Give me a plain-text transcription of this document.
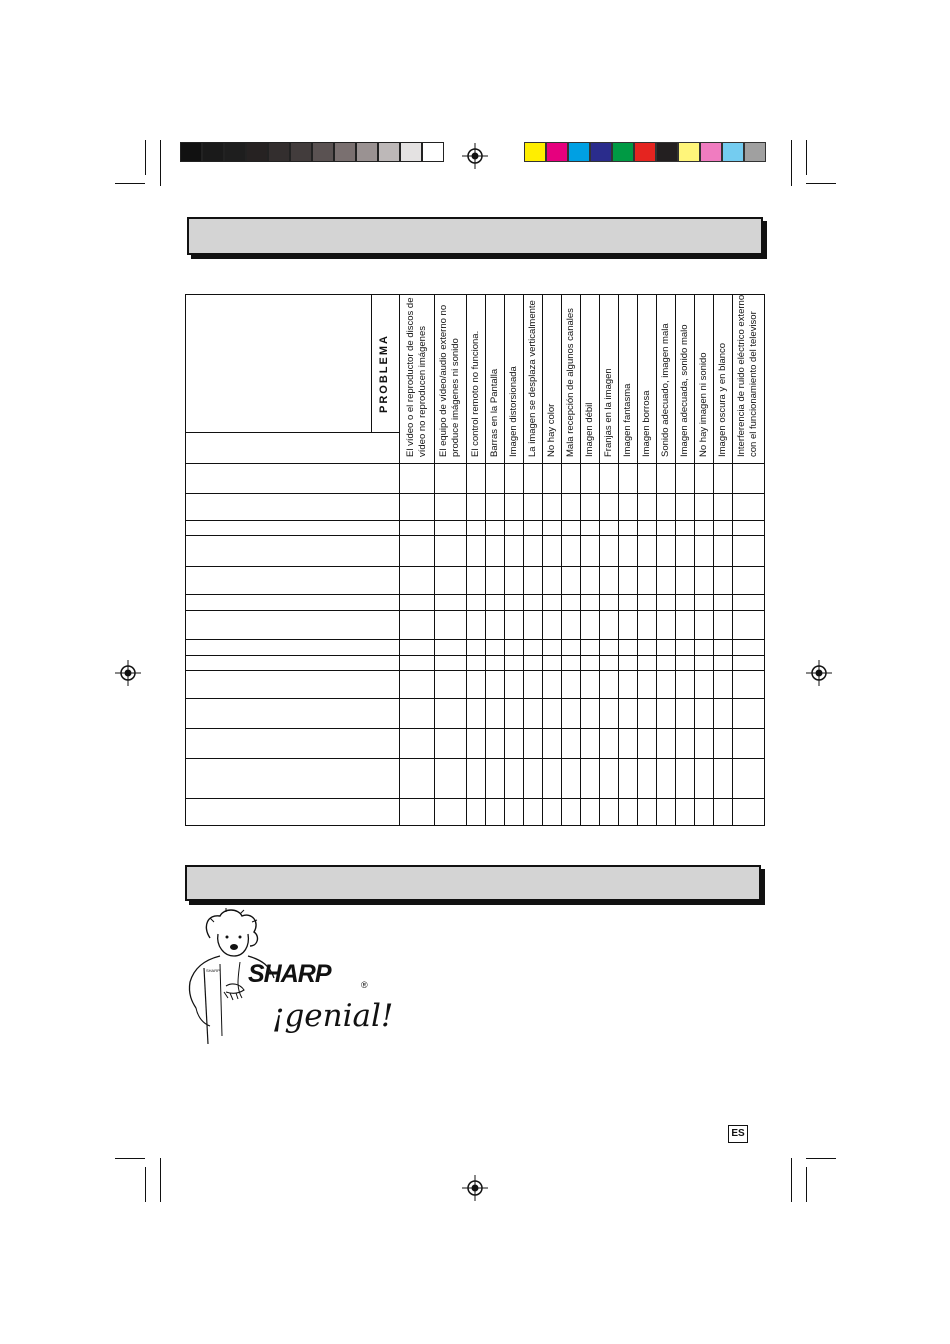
PROBLEMA El vídeo o el reproductor de discos de vídeo no reproducen imágenes El equipo de vídeo/audio externo no produce imágenes ni sonido El control remoto no funciona. Barras en la Pantalla Imagen distorsionada La imagen se desplaza verticalmente No hay color Mala recepción de algunos canales Imagen débil Franjas en la imagen Imagen fantasma Imagen borrosa Sonido adecuado, imagen mala Imagen adecuada, sonido malo No hay imagen ni sonido Imagen oscura y en blanco Interferencia de ruido eléctrico externo con el funcionamiento del televisor
SHARP SHARP	®
¡genial!
ES
